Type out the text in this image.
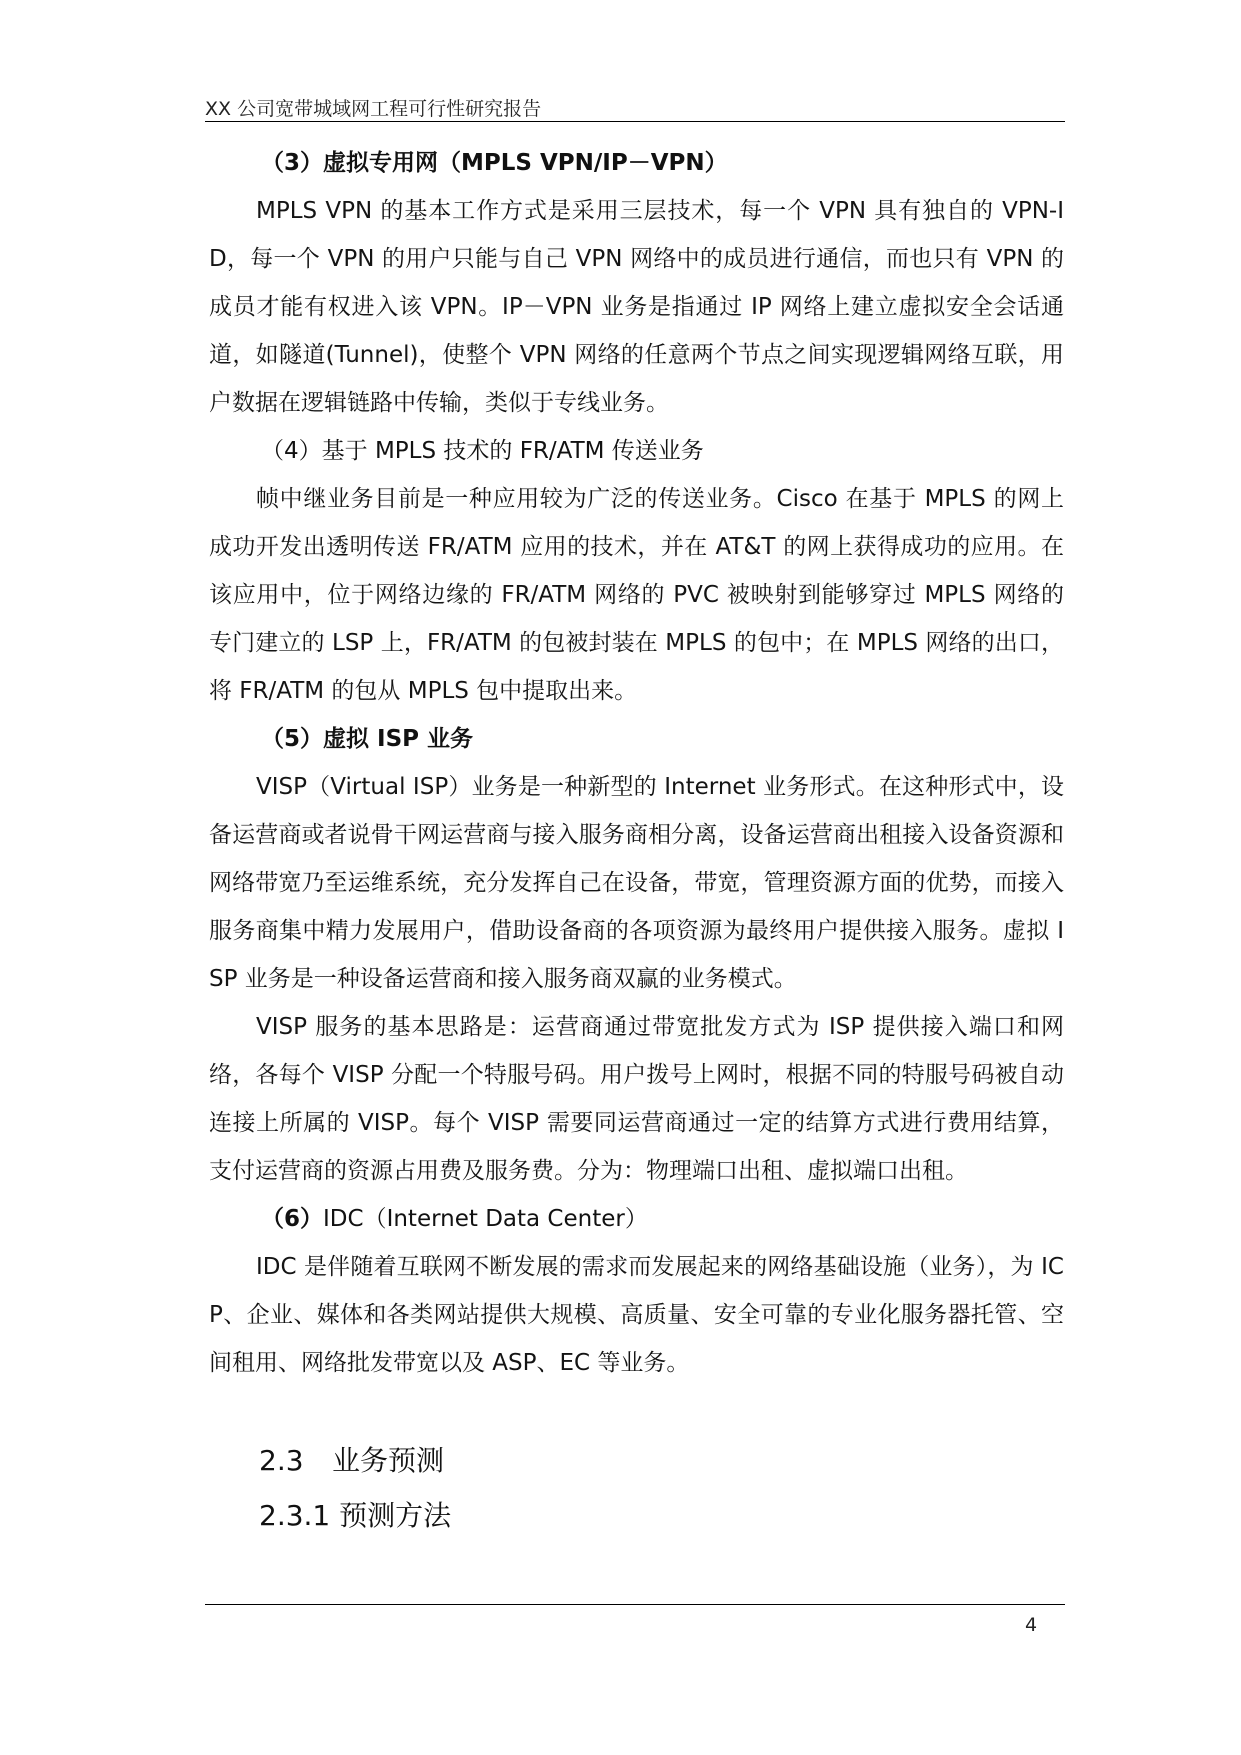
XX 公司宽带城域网工程可行性研究报告
（3）虚拟专用网（MPLS VPN/IP－VPN）

MPLS VPN 的基本工作方式是采用三层技术，每一个 VPN 具有独自的 VPN-ID，每一个 VPN 的用户只能与自己 VPN 网络中的成员进行通信，而也只有 VPN 的成员才能有权进入该 VPN。IP－VPN 业务是指通过 IP 网络上建立虚拟安全会话通道，如隧道(Tunnel)，使整个 VPN 网络的任意两个节点之间实现逻辑网络互联，用户数据在逻辑链路中传输，类似于专线业务。

（4）基于 MPLS 技术的 FR/ATM 传送业务

帧中继业务目前是一种应用较为广泛的传送业务。Cisco 在基于 MPLS 的网上成功开发出透明传送 FR/ATM 应用的技术，并在 AT&T 的网上获得成功的应用。在该应用中，位于网络边缘的 FR/ATM 网络的 PVC 被映射到能够穿过 MPLS 网络的专门建立的 LSP 上，FR/ATM 的包被封装在 MPLS 的包中；在 MPLS 网络的出口，将 FR/ATM 的包从 MPLS 包中提取出来。

（5）虚拟 ISP 业务

VISP（Virtual ISP）业务是一种新型的 Internet 业务形式。在这种形式中，设备运营商或者说骨干网运营商与接入服务商相分离，设备运营商出租接入设备资源和网络带宽乃至运维系统，充分发挥自己在设备，带宽，管理资源方面的优势，而接入服务商集中精力发展用户，借助设备商的各项资源为最终用户提供接入服务。虚拟 ISP 业务是一种设备运营商和接入服务商双赢的业务模式。

VISP 服务的基本思路是：运营商通过带宽批发方式为 ISP 提供接入端口和网络，各每个 VISP 分配一个特服号码。用户拨号上网时，根据不同的特服号码被自动连接上所属的 VISP。每个 VISP 需要同运营商通过一定的结算方式进行费用结算，支付运营商的资源占用费及服务费。分为：物理端口出租、虚拟端口出租。

（6）IDC（Internet Data Center）

IDC 是伴随着互联网不断发展的需求而发展起来的网络基础设施（业务），为 ICP、企业、媒体和各类网站提供大规模、高质量、安全可靠的专业化服务器托管、空间租用、网络批发带宽以及 ASP、EC 等业务。

2.3 业务预测
2.3.1 预测方法
4
